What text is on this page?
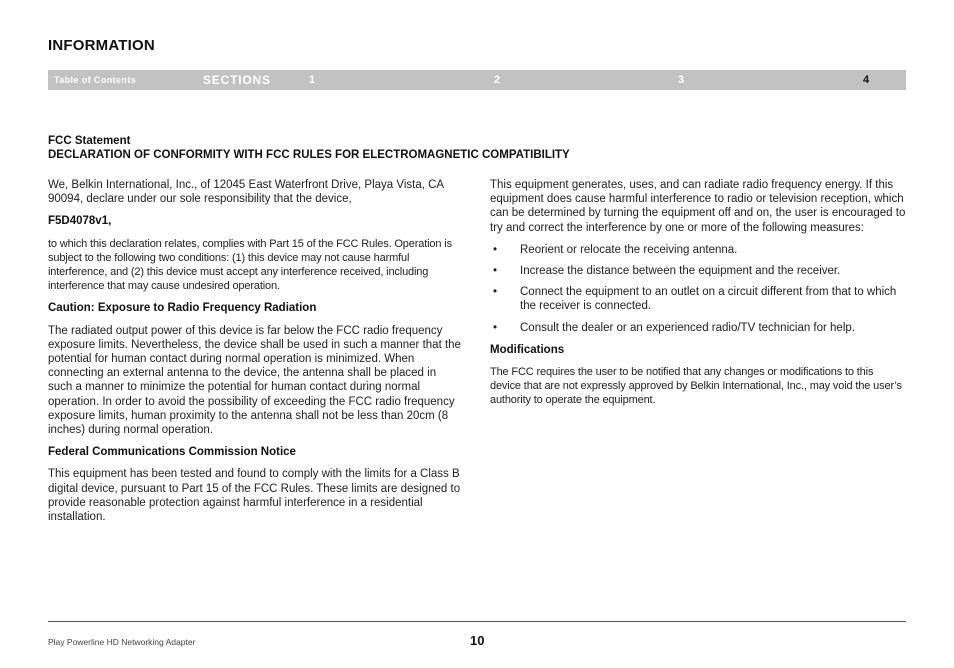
INFORMATION
Table of Contents	SECTIONS	1	2	3	4
FCC Statement
DECLARATION OF CONFORMITY WITH FCC RULES FOR ELECTROMAGNETIC COMPATIBILITY

We, Belkin International, Inc., of 12045 East Waterfront Drive, Playa Vista, CA 90094, declare under our sole responsibility that the device,

F5D4078v1,

to which this declaration relates, complies with Part 15 of the FCC Rules. Operation is subject to the following two conditions: (1) this device may not cause harmful interference, and (2) this device must accept any interference received, including interference that may cause undesired operation.

Caution: Exposure to Radio Frequency Radiation

The radiated output power of this device is far below the FCC radio frequency exposure limits. Nevertheless, the device shall be used in such a manner that the potential for human contact during normal operation is minimized. When connecting an external antenna to the device, the antenna shall be placed in such a manner to minimize the potential for human contact during normal operation. In order to avoid the possibility of exceeding the FCC radio frequency exposure limits, human proximity to the antenna shall not be less than 20cm (8 inches) during normal operation.

Federal Communications Commission Notice

This equipment has been tested and found to comply with the limits for a Class B digital device, pursuant to Part 15 of the FCC Rules. These limits are designed to provide reasonable protection against harmful interference in a residential installation.

This equipment generates, uses, and can radiate radio frequency energy. If this equipment does cause harmful interference to radio or television reception, which can be determined by turning the equipment off and on, the user is encouraged to try and correct the interference by one or more of the following measures:

• Reorient or relocate the receiving antenna.
• Increase the distance between the equipment and the receiver.
• Connect the equipment to an outlet on a circuit different from that to which the receiver is connected.
• Consult the dealer or an experienced radio/TV technician for help.

Modifications

The FCC requires the user to be notified that any changes or modifications to this device that are not expressly approved by Belkin International, Inc., may void the user’s authority to operate the equipment.

Play Powerline HD Networking Adapter	10
